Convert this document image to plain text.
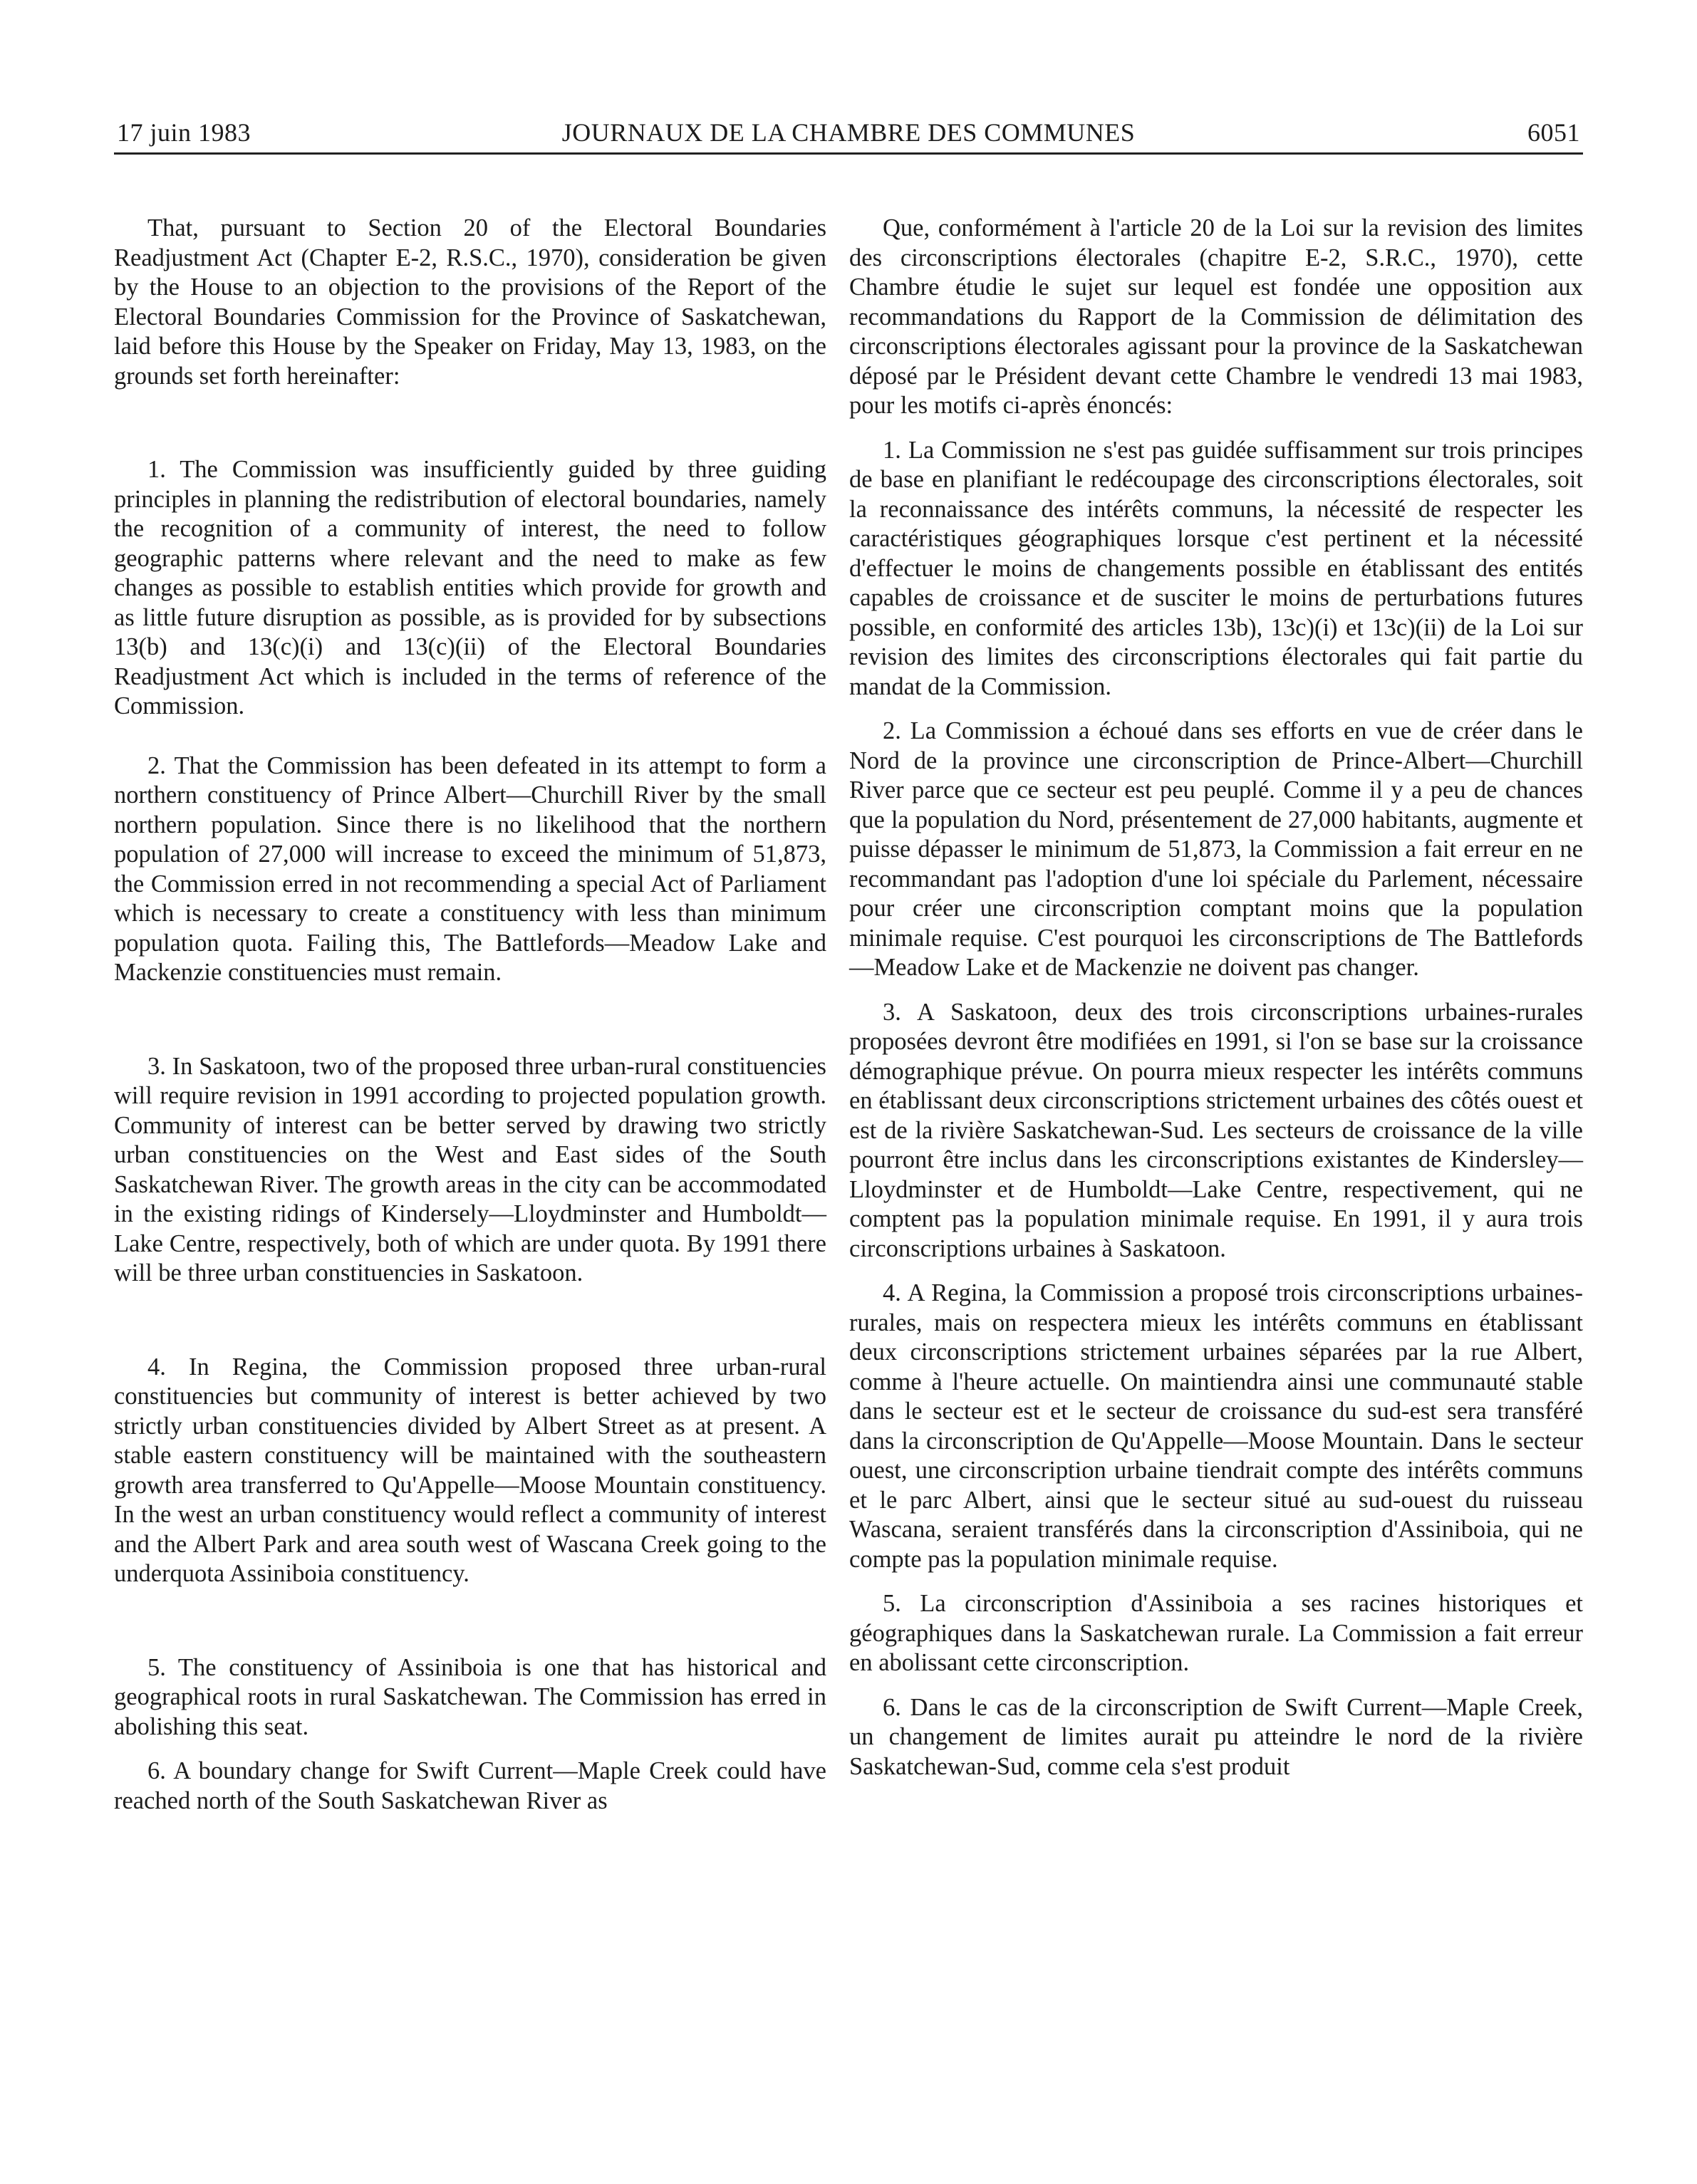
17 juin 1983	JOURNAUX DE LA CHAMBRE DES COMMUNES	6051

That, pursuant to Section 20 of the Electoral Boundaries Readjustment Act (Chapter E-2, R.S.C., 1970), consideration be given by the House to an objection to the provisions of the Report of the Electoral Boundaries Commission for the Province of Saskatchewan, laid before this House by the Speaker on Friday, May 13, 1983, on the grounds set forth hereinafter:

1. The Commission was insufficiently guided by three guiding principles in planning the redistribution of electoral boundaries, namely the recognition of a community of interest, the need to follow geographic patterns where relevant and the need to make as few changes as possible to establish entities which provide for growth and as little future disruption as possible, as is provided for by subsections 13(b) and 13(c)(i) and 13(c)(ii) of the Electoral Boundaries Readjustment Act which is included in the terms of reference of the Commission.

2. That the Commission has been defeated in its attempt to form a northern constituency of Prince Albert—Churchill River by the small northern population. Since there is no likelihood that the northern population of 27,000 will increase to exceed the minimum of 51,873, the Commission erred in not recommending a special Act of Parliament which is necessary to create a constituency with less than minimum population quota. Failing this, The Battlefords—Meadow Lake and Mackenzie constituencies must remain.

3. In Saskatoon, two of the proposed three urban-rural constituencies will require revision in 1991 according to projected population growth. Community of interest can be better served by drawing two strictly urban constituencies on the West and East sides of the South Saskatchewan River. The growth areas in the city can be accommodated in the existing ridings of Kindersely—Lloydminster and Humboldt—Lake Centre, respectively, both of which are under quota. By 1991 there will be three urban constituencies in Saskatoon.

4. In Regina, the Commission proposed three urban-rural constituencies but community of interest is better achieved by two strictly urban constituencies divided by Albert Street as at present. A stable eastern constituency will be maintained with the southeastern growth area transferred to Qu'Appelle—Moose Mountain constituency. In the west an urban constituency would reflect a community of interest and the Albert Park and area south west of Wascana Creek going to the underquota Assiniboia constituency.

5. The constituency of Assiniboia is one that has historical and geographical roots in rural Saskatchewan. The Commission has erred in abolishing this seat.

6. A boundary change for Swift Current—Maple Creek could have reached north of the South Saskatchewan River as

Que, conformément à l'article 20 de la Loi sur la revision des limites des circonscriptions électorales (chapitre E-2, S.R.C., 1970), cette Chambre étudie le sujet sur lequel est fondée une opposition aux recommandations du Rapport de la Commission de délimitation des circonscriptions électorales agissant pour la province de la Saskatchewan déposé par le Président devant cette Chambre le vendredi 13 mai 1983, pour les motifs ci-après énoncés:

1. La Commission ne s'est pas guidée suffisamment sur trois principes de base en planifiant le redécoupage des circonscriptions électorales, soit la reconnaissance des intérêts communs, la nécessité de respecter les caractéristiques géographiques lorsque c'est pertinent et la nécessité d'effectuer le moins de changements possible en établissant des entités capables de croissance et de susciter le moins de perturbations futures possible, en conformité des articles 13b), 13c)(i) et 13c)(ii) de la Loi sur revision des limites des circonscriptions électorales qui fait partie du mandat de la Commission.

2. La Commission a échoué dans ses efforts en vue de créer dans le Nord de la province une circonscription de Prince-Albert—Churchill River parce que ce secteur est peu peuplé. Comme il y a peu de chances que la population du Nord, présentement de 27,000 habitants, augmente et puisse dépasser le minimum de 51,873, la Commission a fait erreur en ne recommandant pas l'adoption d'une loi spéciale du Parlement, nécessaire pour créer une circonscription comptant moins que la population minimale requise. C'est pourquoi les circonscriptions de The Battlefords—Meadow Lake et de Mackenzie ne doivent pas changer.

3. A Saskatoon, deux des trois circonscriptions urbaines-rurales proposées devront être modifiées en 1991, si l'on se base sur la croissance démographique prévue. On pourra mieux respecter les intérêts communs en établissant deux circonscriptions strictement urbaines des côtés ouest et est de la rivière Saskatchewan-Sud. Les secteurs de croissance de la ville pourront être inclus dans les circonscriptions existantes de Kindersley—Lloydminster et de Humboldt—Lake Centre, respectivement, qui ne comptent pas la population minimale requise. En 1991, il y aura trois circonscriptions urbaines à Saskatoon.

4. A Regina, la Commission a proposé trois circonscriptions urbaines-rurales, mais on respectera mieux les intérêts communs en établissant deux circonscriptions strictement urbaines séparées par la rue Albert, comme à l'heure actuelle. On maintiendra ainsi une communauté stable dans le secteur est et le secteur de croissance du sud-est sera transféré dans la circonscription de Qu'Appelle—Moose Mountain. Dans le secteur ouest, une circonscription urbaine tiendrait compte des intérêts communs et le parc Albert, ainsi que le secteur situé au sud-ouest du ruisseau Wascana, seraient transférés dans la circonscription d'Assiniboia, qui ne compte pas la population minimale requise.

5. La circonscription d'Assiniboia a ses racines historiques et géographiques dans la Saskatchewan rurale. La Commission a fait erreur en abolissant cette circonscription.

6. Dans le cas de la circonscription de Swift Current—Maple Creek, un changement de limites aurait pu atteindre le nord de la rivière Saskatchewan-Sud, comme cela s'est produit
